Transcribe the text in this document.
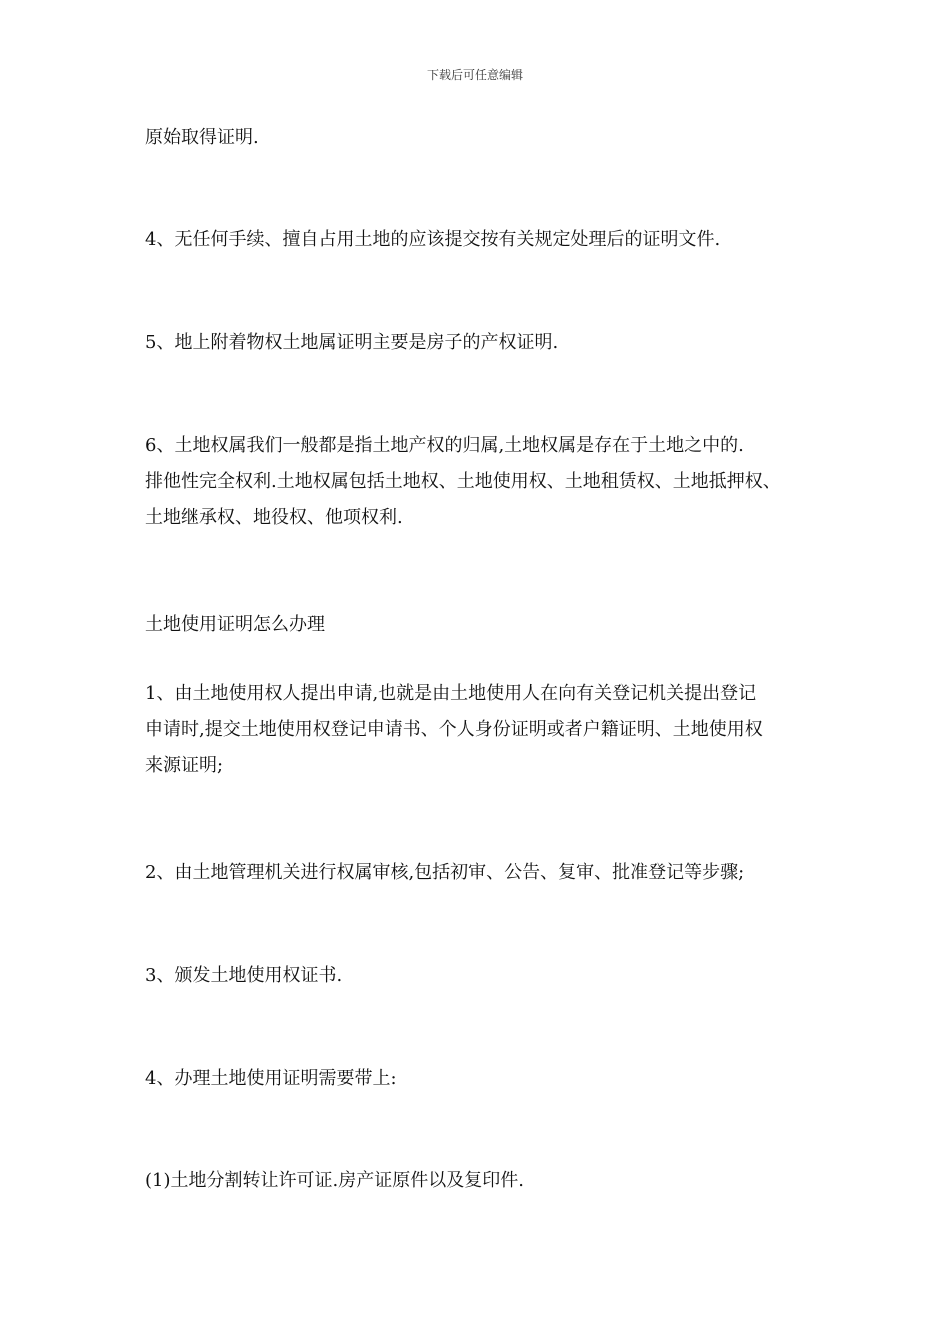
下载后可任意编辑
原始取得证明.
4、无任何手续、擅自占用土地的应该提交按有关规定处理后的证明文件.
5、地上附着物权土地属证明主要是房子的产权证明.
6、土地权属我们一般都是指土地产权的归属,土地权属是存在于土地之中的.
排他性完全权利.土地权属包括土地权、土地使用权、土地租赁权、土地抵押权、
土地继承权、地役权、他项权利.
土地使用证明怎么办理
1、由土地使用权人提出申请,也就是由土地使用人在向有关登记机关提出登记
申请时,提交土地使用权登记申请书、个人身份证明或者户籍证明、土地使用权
来源证明;
2、由土地管理机关进行权属审核,包括初审、公告、复审、批准登记等步骤;
3、颁发土地使用权证书.
4、办理土地使用证明需要带上:
(1)土地分割转让许可证.房产证原件以及复印件.
